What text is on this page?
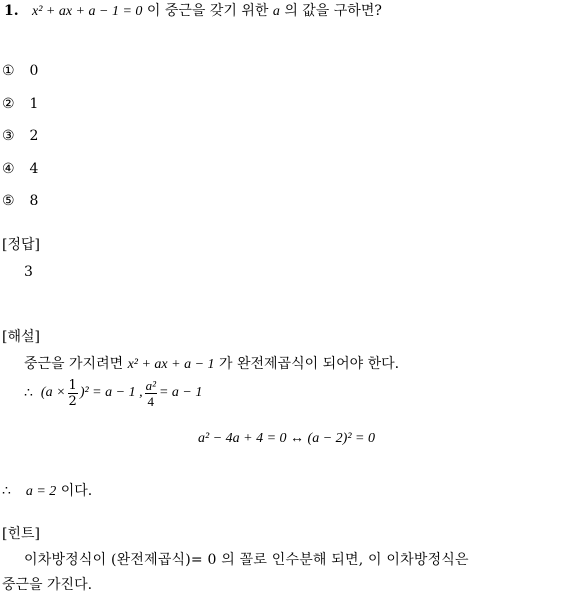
1. x² + ax + a − 1 = 0 이 중근을 갖기 위한 a 의 값을 구하면?
① 0
② 1
③ 2
④ 4
⑤ 8
[정답]
3
[해설]
중근을 가지려면 x² + ax + a − 1 가 완전제곱식이 되어야 한다.
∴ $(a \times \frac{1}{2} )^2 = a - 1$ , $\frac{\text{a²}}{4} = a - 1$
a² − 4a + 4 = 0 ↔ (a − 2)² = 0
∴ a = 2 이다.
[힌트]
이차방정식이 (완전제곱식)= 0 의 꼴로 인수분해 되면, 이 이차방정식은
중근을 가진다.
